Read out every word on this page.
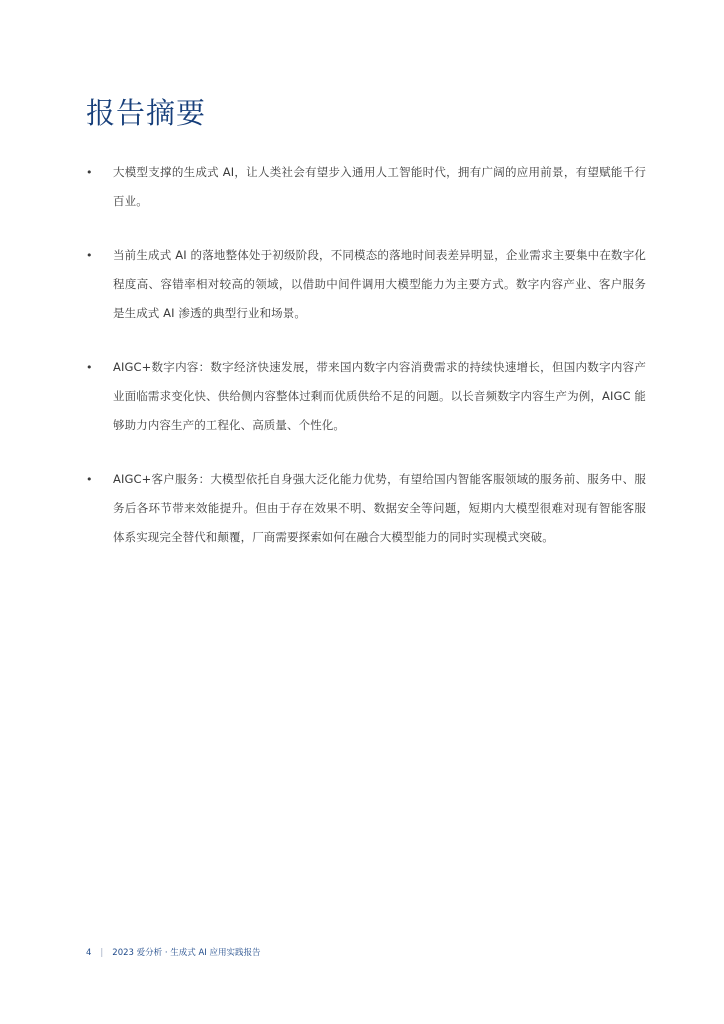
报告摘要
•	大模型支撑的生成式 AI，让人类社会有望步入通用人工智能时代，拥有广阔的应用前景，有望赋能千行百业。
•	当前生成式 AI 的落地整体处于初级阶段，不同模态的落地时间表差异明显，企业需求主要集中在数字化程度高、容错率相对较高的领域，以借助中间件调用大模型能力为主要方式。数字内容产业、客户服务是生成式 AI 渗透的典型行业和场景。
•	AIGC+数字内容：数字经济快速发展，带来国内数字内容消费需求的持续快速增长，但国内数字内容产业面临需求变化快、供给侧内容整体过剩而优质供给不足的问题。以长音频数字内容生产为例，AIGC 能够助力内容生产的工程化、高质量、个性化。
•	AIGC+客户服务：大模型依托自身强大泛化能力优势，有望给国内智能客服领域的服务前、服务中、服务后各环节带来效能提升。但由于存在效果不明、数据安全等问题，短期内大模型很难对现有智能客服体系实现完全替代和颠覆，厂商需要探索如何在融合大模型能力的同时实现模式突破。
4 | 2023 爱分析 · 生成式 AI 应用实践报告
